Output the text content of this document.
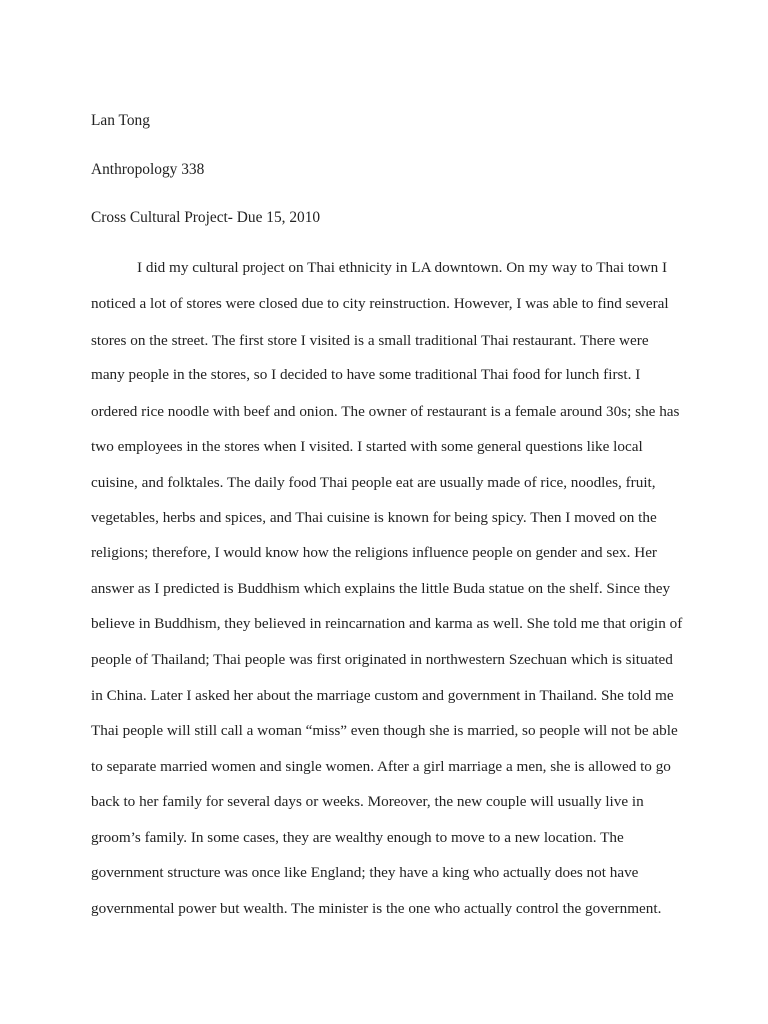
Lan Tong

Anthropology 338

Cross Cultural Project- Due 15, 2010

I did my cultural project on Thai ethnicity in LA downtown. On my way to Thai town I

noticed a lot of stores were closed due to city reinstruction. However, I was able to find several

stores on the street. The first store I visited is a small traditional Thai restaurant. There were

many people in the stores, so I decided to have some traditional Thai food for lunch first. I

ordered rice noodle with beef and onion. The owner of restaurant is a female around 30s; she has

two employees in the stores when I visited. I started with some general questions like local

cuisine, and folktales. The daily food Thai people eat are usually made of rice, noodles, fruit,

vegetables, herbs and spices, and Thai cuisine is known for being spicy. Then I moved on the

religions; therefore, I would know how the religions influence people on gender and sex. Her

answer as I predicted is Buddhism which explains the little Buda statue on the shelf. Since they

believe in Buddhism, they believed in reincarnation and karma as well. She told me that origin of

people of Thailand; Thai people was first originated in northwestern Szechuan which is situated

in China. Later I asked her about the marriage custom and government in Thailand. She told me

Thai people will still call a woman “miss” even though she is married, so people will not be able

to separate married women and single women. After a girl marriage a men, she is allowed to go

back to her family for several days or weeks. Moreover, the new couple will usually live in

groom’s family. In some cases, they are wealthy enough to move to a new location. The

government structure was once like England; they have a king who actually does not have

governmental power but wealth. The minister is the one who actually control the government.
